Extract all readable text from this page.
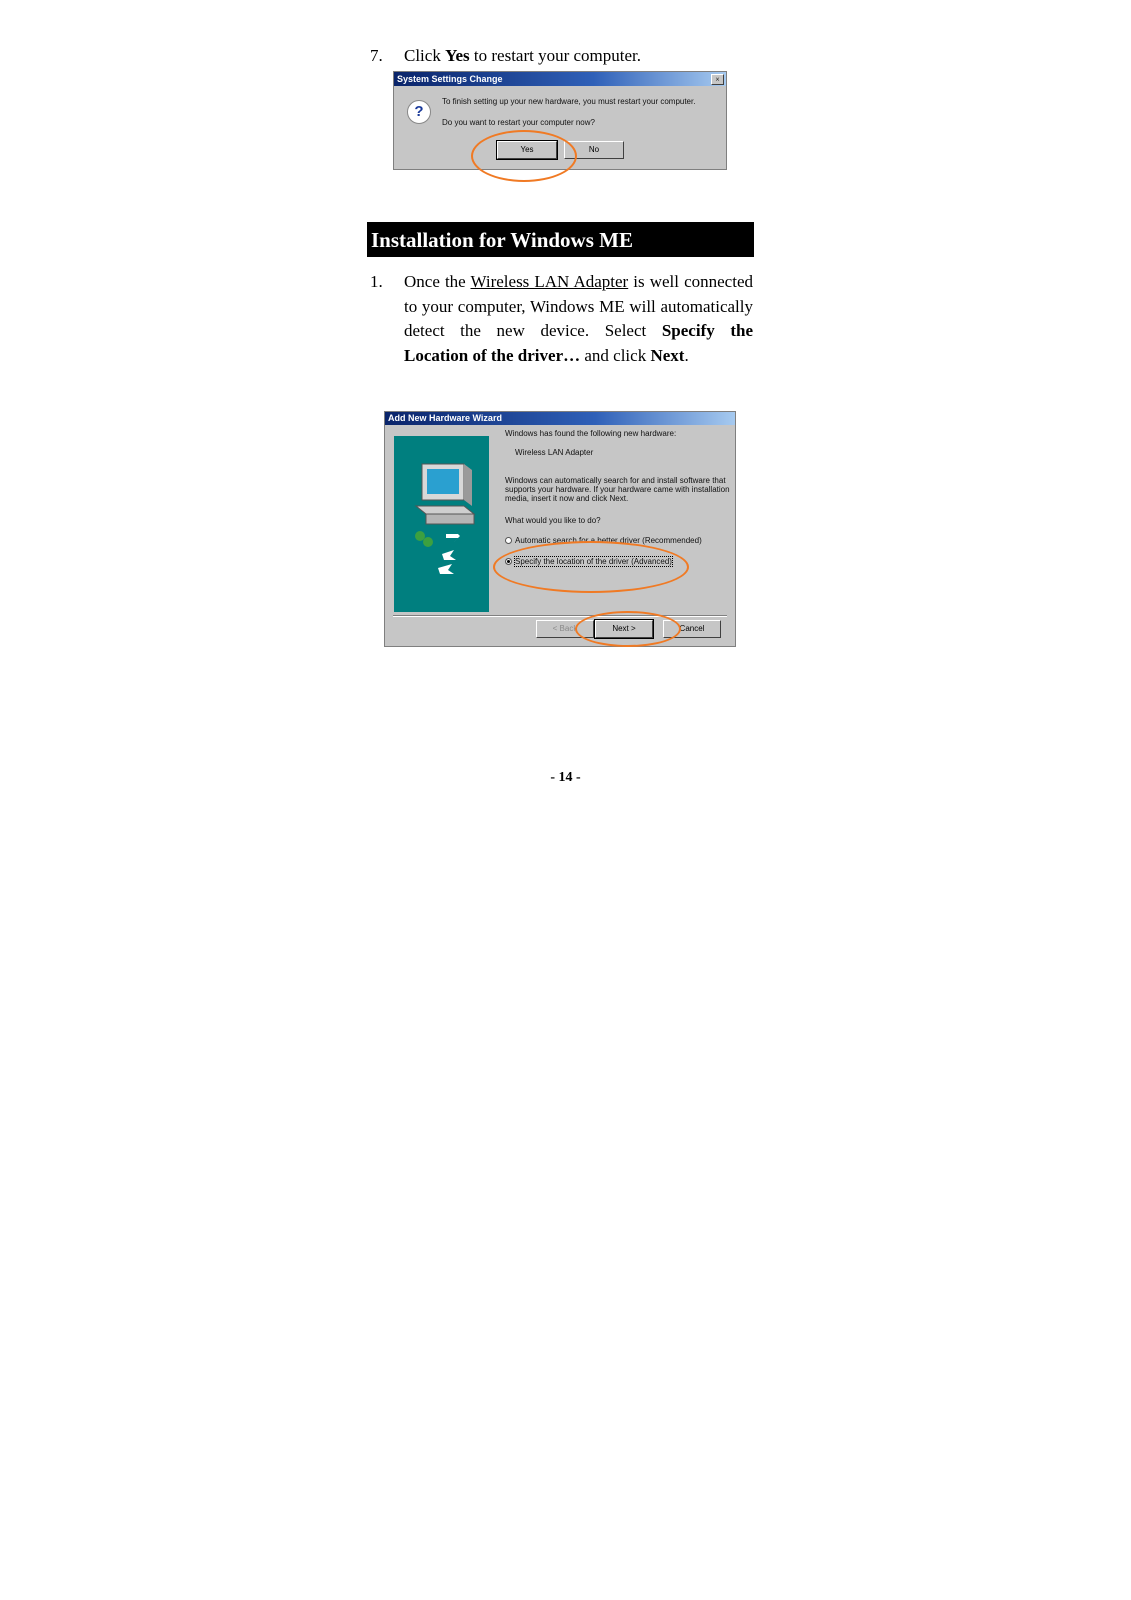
7. Click Yes to restart your computer.
System Settings Change	×
?
To finish setting up your new hardware, you must restart your computer.
Do you want to restart your computer now?
Yes	No
Installation for Windows ME
1. Once the Wireless LAN Adapter is well connected to your computer, Windows ME will automatically detect the new device. Select Specify the Location of the driver… and click Next.
Add New Hardware Wizard
Windows has found the following new hardware:
Wireless LAN Adapter
Windows can automatically search for and install software that
supports your hardware. If your hardware came with installation
media, insert it now and click Next.
What would you like to do?
Automatic search for a better driver (Recommended)
Specify the location of the driver (Advanced)
< Back	Next >	Cancel
- 14 -
